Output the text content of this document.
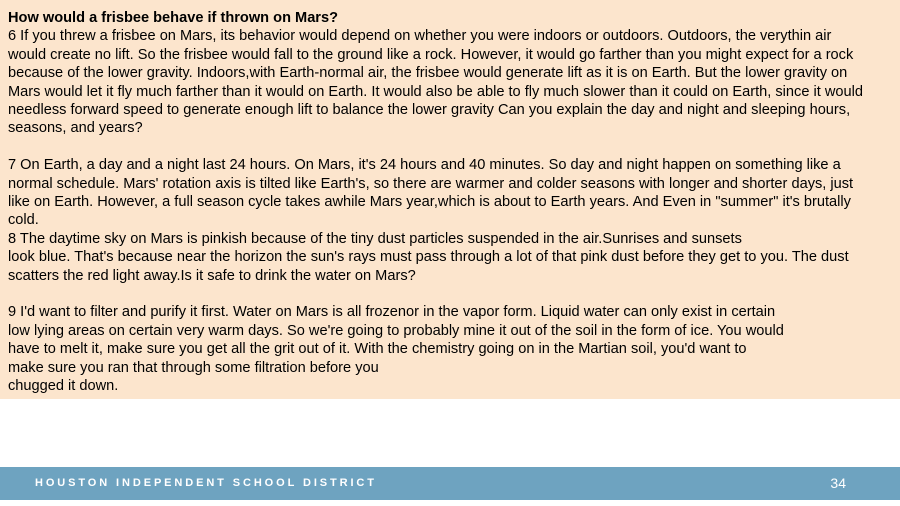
How would a frisbee behave if thrown on Mars?

6 If you threw a frisbee on Mars, its behavior would depend on whether you were indoors or outdoors. Outdoors, the verythin air

would create no lift. So the frisbee would fall to the ground like a rock. However, it would go farther than you might expect for a rock

because of the lower gravity. Indoors,with Earth-normal air, the frisbee would generate lift as it is on Earth. But the lower gravity on

Mars would let it fly much farther than it would on Earth. It would also be able to fly much slower than it could on Earth, since it would

needless forward speed to generate enough lift to balance the lower gravity Can you explain the day and night and sleeping hours,

seasons, and years?

7 On Earth, a day and a night last 24 hours. On Mars, it's 24 hours and 40 minutes. So day and night happen on something like a

normal schedule. Mars' rotation axis is tilted like Earth's, so there are warmer and colder seasons with longer and shorter days, just

like on Earth. However, a full season cycle takes awhile Mars year,which is about to Earth years. And Even in "summer" it's brutally

cold.

8 The daytime sky on Mars is pinkish because of the tiny dust particles suspended in the air.Sunrises and sunsets

look blue. That's because near the horizon the sun's rays must pass through a lot of that pink dust before they get to you. The dust

scatters the red light away.Is it safe to drink the water on Mars?

9 I'd want to filter and purify it first. Water on Mars is all frozenor in the vapor form. Liquid water can only exist in certain

low lying areas on certain very warm days. So we're going to probably mine it out of the soil in the form of ice. You would

have to melt it, make sure you get all the grit out of it. With the chemistry going on in the Martian soil, you'd want to

make sure you ran that through some filtration before you

chugged it down.

HOUSTON INDEPENDENT SCHOOL DISTRICT	34
